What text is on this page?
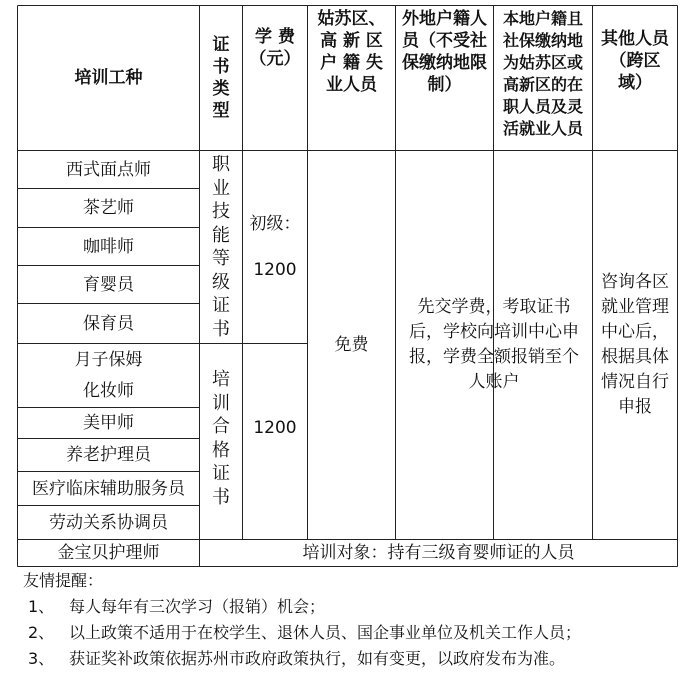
培训工种
证书类型
学 费（元）
姑苏区、高 新 区户 籍 失业人员
外地户籍人员（不受社保缴纳地限制）
本地户籍且社保缴纳地为姑苏区或高新区的在职人员及灵活就业人员
其他人员（跨区域）
西式面点师
茶艺师
咖啡师
育婴员
保育员
月子保姆
化妆师
美甲师
养老护理员
医疗临床辅助服务员
劳动关系协调员
职业技能等级证书
培训合格证书
初级：
1200
1200
免费
先交学费，考取证书后，学校向培训中心申报，学费全额报销至个人账户
咨询各区就业管理中心后，根据具体情况自行申报
金宝贝护理师	培训对象：持有三级育婴师证的人员
友情提醒：
1、 每人每年有三次学习（报销）机会；
2、 以上政策不适用于在校学生、退休人员、国企事业单位及机关工作人员；
3、 获证奖补政策依据苏州市政府政策执行，如有变更，以政府发布为准。
